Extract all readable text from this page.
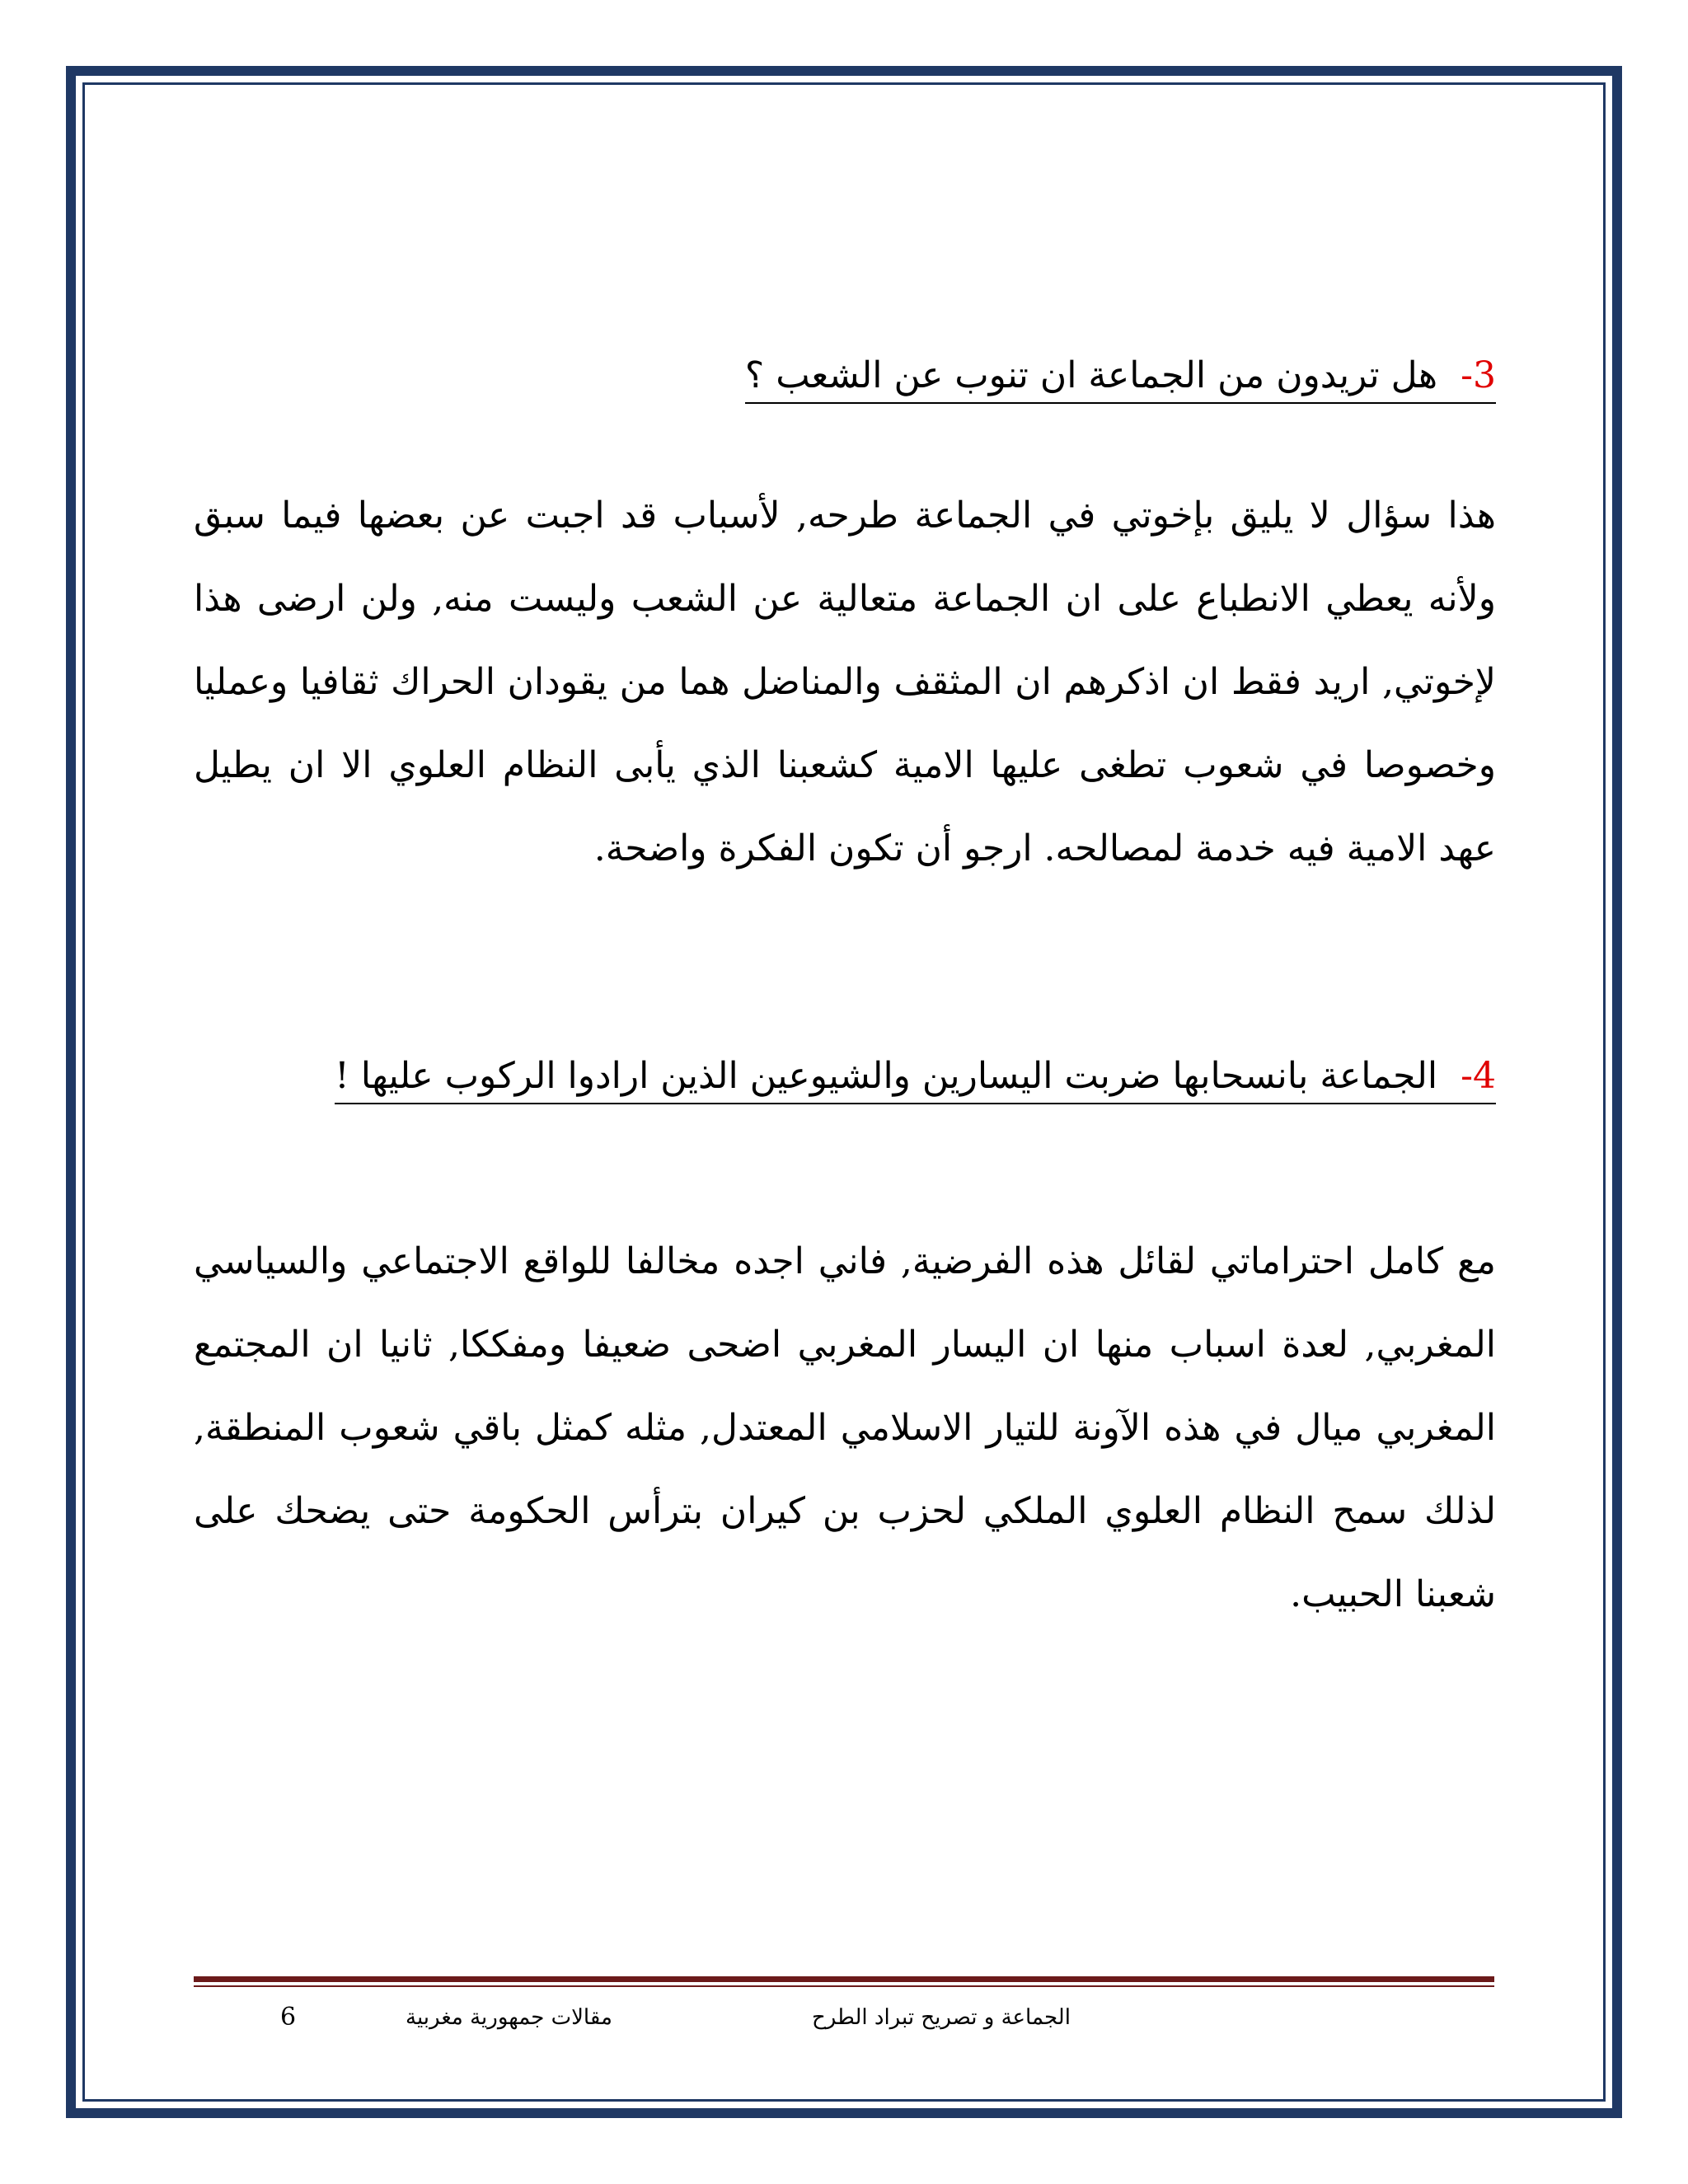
3-  هل تريدون من الجماعة ان تنوب عن الشعب ؟
هذا سؤال لا يليق بإخوتي في الجماعة طرحه, لأسباب قد اجبت عن بعضها فيما سبق ولأنه يعطي الانطباع على ان الجماعة متعالية عن الشعب وليست منه, ولن ارضى هذا لإخوتي, اريد فقط ان اذكرهم ان المثقف والمناضل هما من يقودان الحراك ثقافيا وعمليا وخصوصا في شعوب تطغى عليها الامية كشعبنا الذي يأبى النظام العلوي الا ان يطيل عهد الامية فيه خدمة لمصالحه. ارجو أن تكون الفكرة واضحة.
4-  الجماعة بانسحابها ضربت اليسارين والشيوعين الذين ارادوا الركوب عليها !
مع كامل احتراماتي لقائل هذه الفرضية, فاني اجده مخالفا للواقع الاجتماعي والسياسي المغربي, لعدة اسباب منها ان اليسار المغربي اضحى ضعيفا ومفككا, ثانيا ان المجتمع المغربي ميال في هذه الآونة للتيار الاسلامي المعتدل, مثله كمثل باقي شعوب المنطقة, لذلك سمح النظام العلوي الملكي لحزب بن كيران بترأس الحكومة حتى يضحك على شعبنا الحبيب.
الجماعة و تصريح تبراد الطرح
مقالات جمهورية مغربية
6
